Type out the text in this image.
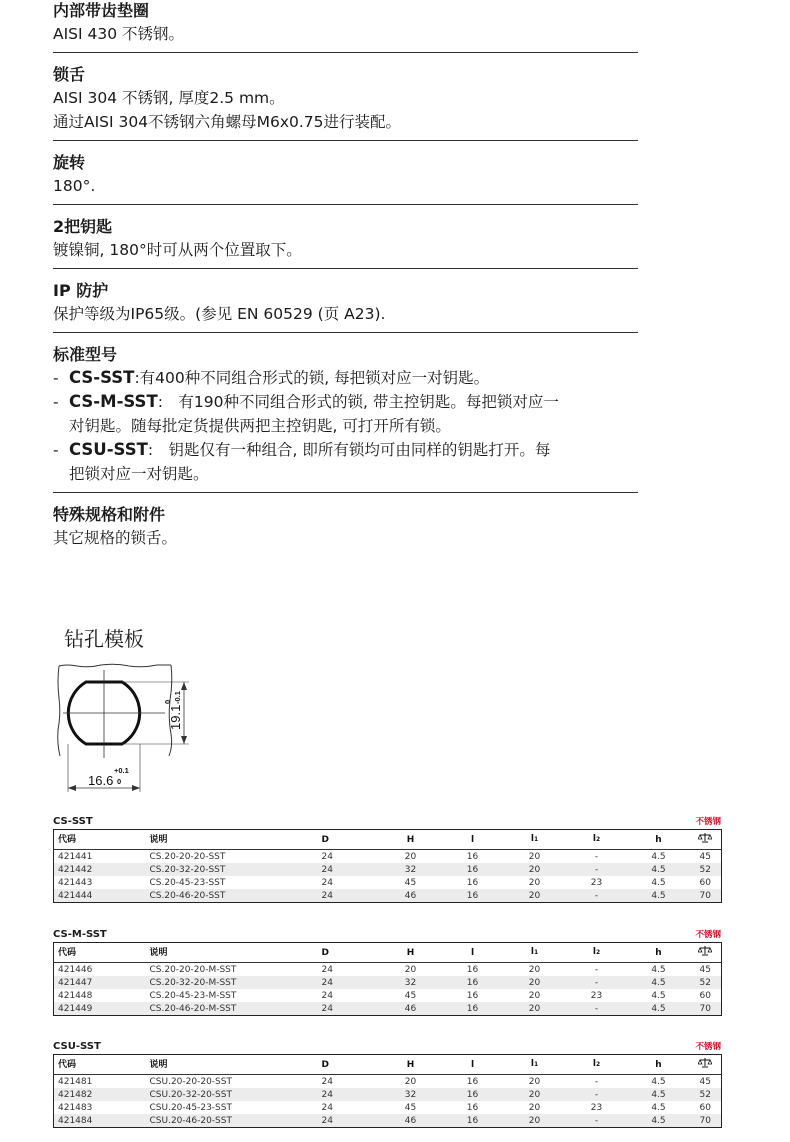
内部带齿垫圈
AISI 430 不锈钢。
锁舌
AISI 304 不锈钢, 厚度2.5 mm。
通过AISI 304不锈钢六角螺母M6x0.75进行装配。
旋转
180°.
2把钥匙
镀镍铜, 180°时可从两个位置取下。
IP 防护
保护等级为IP65级。(参见 EN 60529 (页 A23).
标准型号
- CS-SST:有400种不同组合形式的锁, 每把锁对应一对钥匙。
- CS-M-SST:　有190种不同组合形式的锁, 带主控钥匙。每把锁对应一
对钥匙。随每批定货提供两把主控钥匙, 可打开所有锁。
- CSU-SST:　钥匙仅有一种组合, 即所有锁均可由同样的钥匙打开。每
把锁对应一对钥匙。
特殊规格和附件
其它规格的锁舌。
钻孔模板
19.1
0 -0.1
16.6
+0.1
0
CS-SST	不锈钢
代码	说明	D	H	l	l1	l2	h	
421441	CS.20-20-20-SST	24	20	16	20	-	4.5	45
421442	CS.20-32-20-SST	24	32	16	20	-	4.5	52
421443	CS.20-45-23-SST	24	45	16	20	23	4.5	60
421444	CS.20-46-20-SST	24	46	16	20	-	4.5	70
CS-M-SST	不锈钢
代码	说明	D	H	l	l1	l2	h	
421446	CS.20-20-20-M-SST	24	20	16	20	-	4.5	45
421447	CS.20-32-20-M-SST	24	32	16	20	-	4.5	52
421448	CS.20-45-23-M-SST	24	45	16	20	23	4.5	60
421449	CS.20-46-20-M-SST	24	46	16	20	-	4.5	70
CSU-SST	不锈钢
代码	说明	D	H	l	l1	l2	h	
421481	CSU.20-20-20-SST	24	20	16	20	-	4.5	45
421482	CSU.20-32-20-SST	24	32	16	20	-	4.5	52
421483	CSU.20-45-23-SST	24	45	16	20	23	4.5	60
421484	CSU.20-46-20-SST	24	46	16	20	-	4.5	70
